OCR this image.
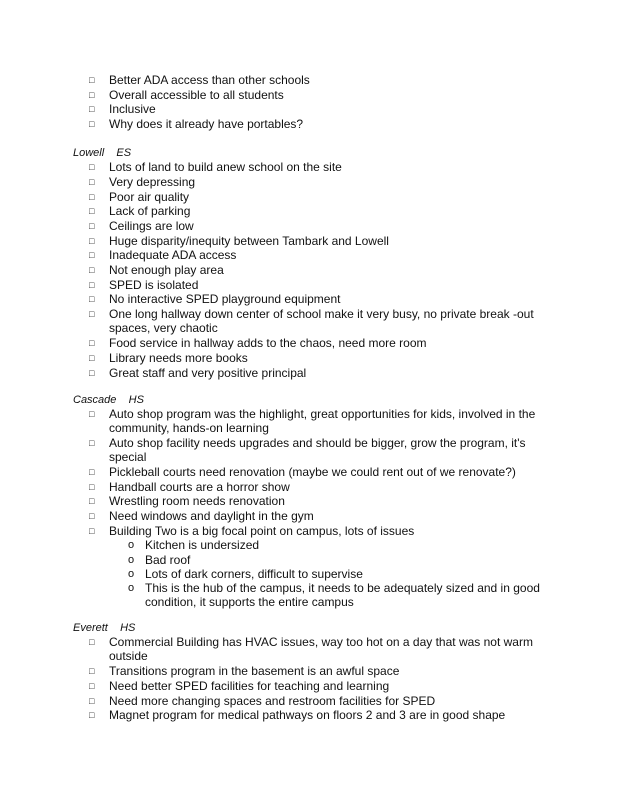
□ Better ADA access than other schools
□ Overall accessible to all students
□ Inclusive
□ Why does it already have portables?
Lowell    ES
□ Lots of land to build anew school on the site
□ Very depressing
□ Poor air quality
□ Lack of parking
□ Ceilings are low
□ Huge disparity/inequity between Tambark and Lowell
□ Inadequate ADA access
□ Not enough play area
□ SPED is isolated
□ No interactive SPED playground equipment
□ One long hallway down center of school make it very busy, no private break -out spaces, very chaotic
□ Food service in hallway adds to the chaos, need more room
□ Library needs more books
□ Great staff and very positive principal
Cascade    HS
□ Auto shop program was the highlight, great opportunities for kids, involved in the community, hands-on learning
□ Auto shop facility needs upgrades and should be bigger, grow the program, it's special
□ Pickleball courts need renovation (maybe we could rent out of we renovate?)
□ Handball courts are a horror show
□ Wrestling room needs renovation
□ Need windows and daylight in the gym
□ Building Two is a big focal point on campus, lots of issues
o Kitchen is undersized
o Bad roof
o Lots of dark corners, difficult to supervise
o This is the hub of the campus, it needs to be adequately sized and in good condition, it supports the entire campus
Everett    HS
□ Commercial Building has HVAC issues, way too hot on a day that was not warm outside
□ Transitions program in the basement is an awful space
□ Need better SPED facilities for teaching and learning
□ Need more changing spaces and restroom facilities for SPED
□ Magnet program for medical pathways on floors 2 and 3 are in good shape
